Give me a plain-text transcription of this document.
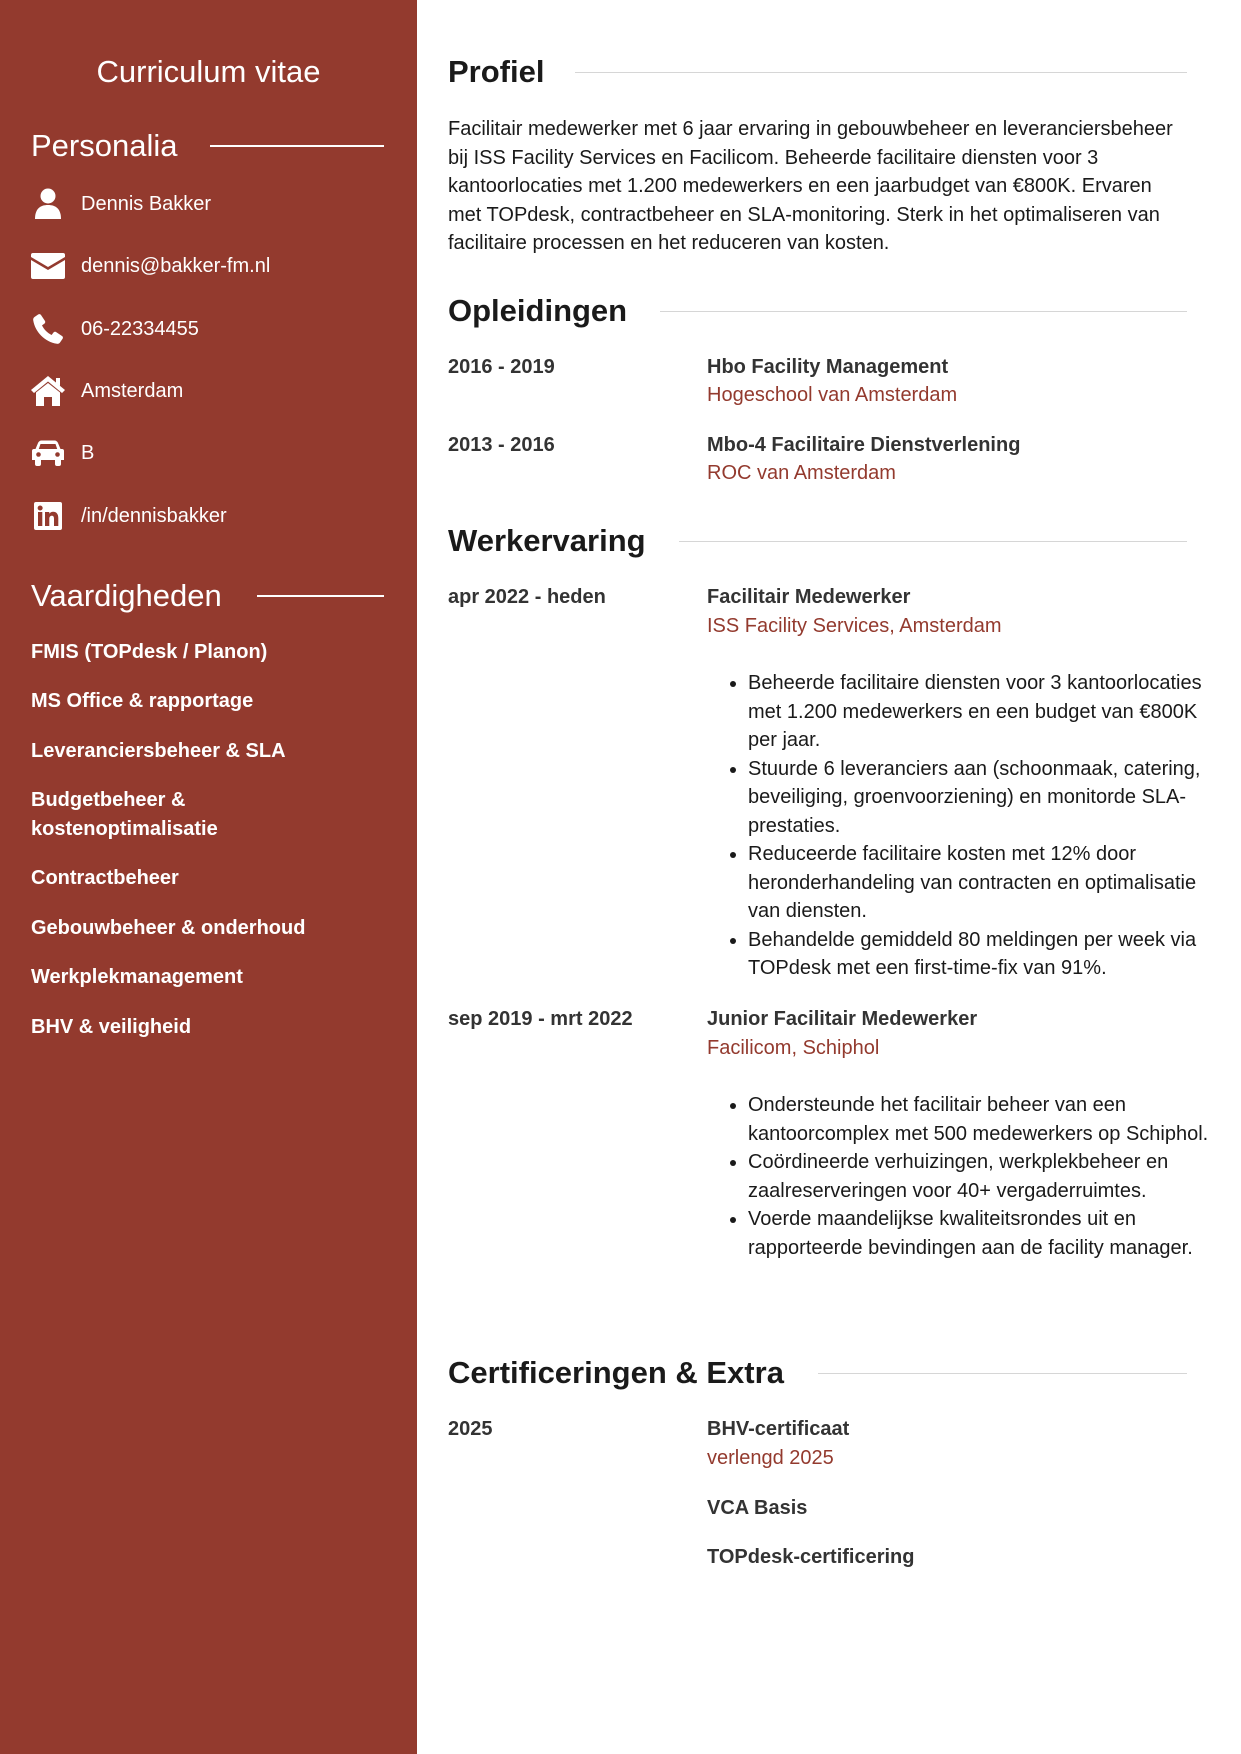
Curriculum vitae
Personalia
Dennis Bakker
dennis@bakker-fm.nl
06-22334455
Amsterdam
B
/in/dennisbakker
Vaardigheden
FMIS (TOPdesk / Planon)
MS Office & rapportage
Leveranciersbeheer & SLA
Budgetbeheer & kostenoptimalisatie
Contractbeheer
Gebouwbeheer & onderhoud
Werkplekmanagement
BHV & veiligheid
Profiel
Facilitair medewerker met 6 jaar ervaring in gebouwbeheer en leveranciersbeheer bij ISS Facility Services en Facilicom. Beheerde facilitaire diensten voor 3 kantoorlocaties met 1.200 medewerkers en een jaarbudget van €800K. Ervaren met TOPdesk, contractbeheer en SLA-monitoring. Sterk in het optimaliseren van facilitaire processen en het reduceren van kosten.
Opleidingen
2016 - 2019	Hbo Facility Management
Hogeschool van Amsterdam
2013 - 2016	Mbo-4 Facilitaire Dienstverlening
ROC van Amsterdam
Werkervaring
apr 2022 - heden	Facilitair Medewerker
ISS Facility Services, Amsterdam
• Beheerde facilitaire diensten voor 3 kantoorlocaties met 1.200 medewerkers en een budget van €800K per jaar.
• Stuurde 6 leveranciers aan (schoonmaak, catering, beveiliging, groenvoorziening) en monitorde SLA-prestaties.
• Reduceerde facilitaire kosten met 12% door heronderhandeling van contracten en optimalisatie van diensten.
• Behandelde gemiddeld 80 meldingen per week via TOPdesk met een first-time-fix van 91%.
sep 2019 - mrt 2022	Junior Facilitair Medewerker
Facilicom, Schiphol
• Ondersteunde het facilitair beheer van een kantoorcomplex met 500 medewerkers op Schiphol.
• Coördineerde verhuizingen, werkplekbeheer en zaalreserveringen voor 40+ vergaderruimtes.
• Voerde maandelijkse kwaliteitsrondes uit en rapporteerde bevindingen aan de facility manager.
Certificeringen & Extra
2025	BHV-certificaat
verlengd 2025
VCA Basis
TOPdesk-certificering
